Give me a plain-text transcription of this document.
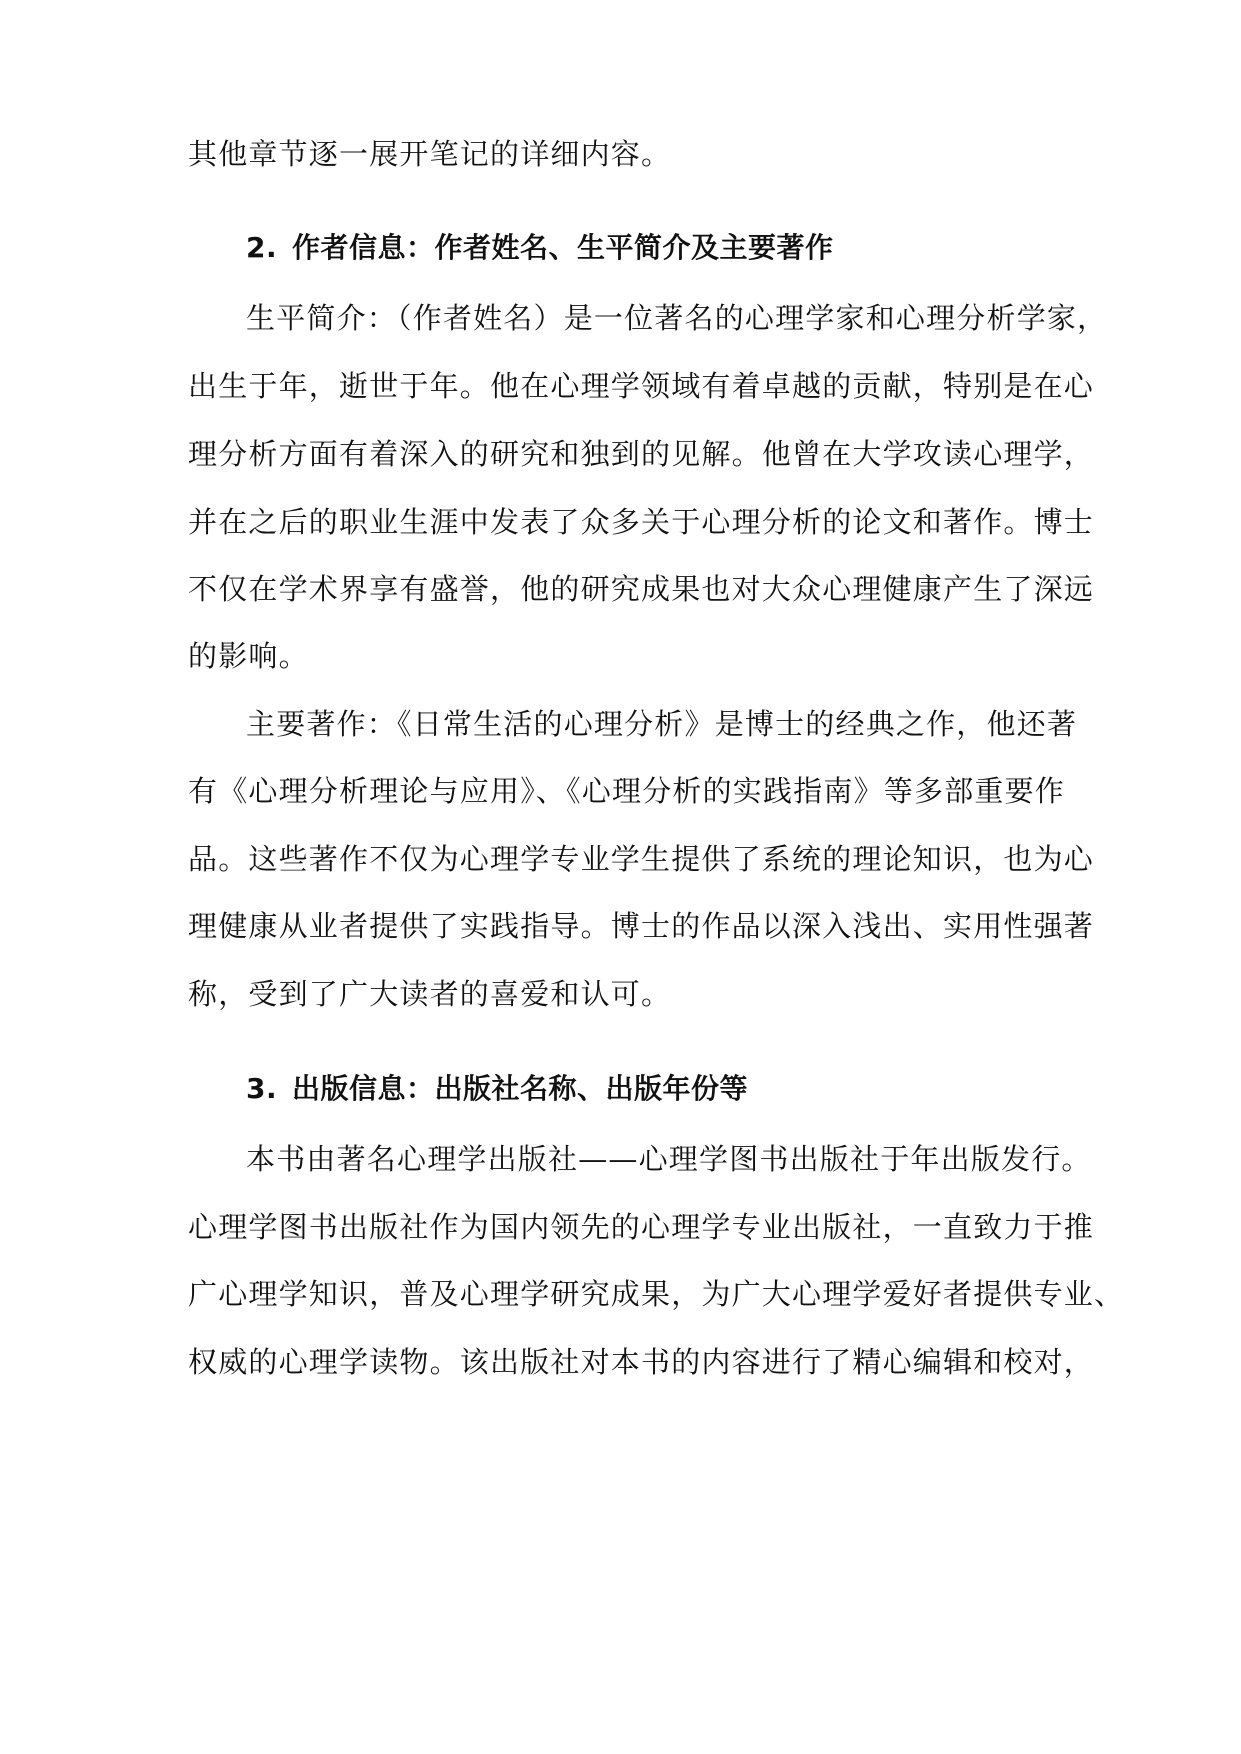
其他章节逐一展开笔记的详细内容。
2. 作者信息：作者姓名、生平简介及主要著作
生平简介：（作者姓名）是一位著名的心理学家和心理分析学家，
出生于年，逝世于年。他在心理学领域有着卓越的贡献，特别是在心
理分析方面有着深入的研究和独到的见解。他曾在大学攻读心理学，
并在之后的职业生涯中发表了众多关于心理分析的论文和著作。博士
不仅在学术界享有盛誉，他的研究成果也对大众心理健康产生了深远
的影响。
主要著作：《日常生活的心理分析》是博士的经典之作，他还著
有《心理分析理论与应用》、《心理分析的实践指南》等多部重要作
品。这些著作不仅为心理学专业学生提供了系统的理论知识，也为心
理健康从业者提供了实践指导。博士的作品以深入浅出、实用性强著
称，受到了广大读者的喜爱和认可。
3. 出版信息：出版社名称、出版年份等
本书由著名心理学出版社——心理学图书出版社于年出版发行。
心理学图书出版社作为国内领先的心理学专业出版社，一直致力于推
广心理学知识，普及心理学研究成果，为广大心理学爱好者提供专业、
权威的心理学读物。该出版社对本书的内容进行了精心编辑和校对，
